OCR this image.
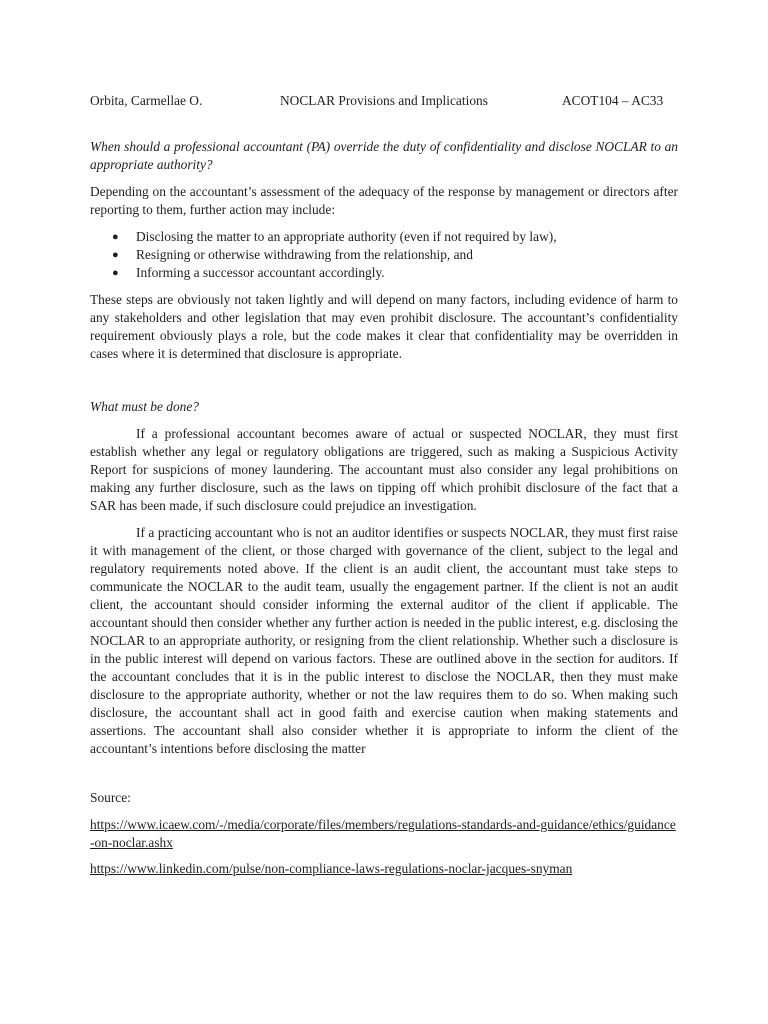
Orbita, Carmellae O.	NOCLAR Provisions and Implications	ACOT104 – AC33

When should a professional accountant (PA) override the duty of confidentiality and disclose NOCLAR to an appropriate authority?

Depending on the accountant’s assessment of the adequacy of the response by management or directors after reporting to them, further action may include:

● Disclosing the matter to an appropriate authority (even if not required by law),
● Resigning or otherwise withdrawing from the relationship, and
● Informing a successor accountant accordingly.

These steps are obviously not taken lightly and will depend on many factors, including evidence of harm to any stakeholders and other legislation that may even prohibit disclosure. The accountant’s confidentiality requirement obviously plays a role, but the code makes it clear that confidentiality may be overridden in cases where it is determined that disclosure is appropriate.

What must be done?

If a professional accountant becomes aware of actual or suspected NOCLAR, they must first establish whether any legal or regulatory obligations are triggered, such as making a Suspicious Activity Report for suspicions of money laundering. The accountant must also consider any legal prohibitions on making any further disclosure, such as the laws on tipping off which prohibit disclosure of the fact that a SAR has been made, if such disclosure could prejudice an investigation.

If a practicing accountant who is not an auditor identifies or suspects NOCLAR, they must first raise it with management of the client, or those charged with governance of the client, subject to the legal and regulatory requirements noted above. If the client is an audit client, the accountant must take steps to communicate the NOCLAR to the audit team, usually the engagement partner. If the client is not an audit client, the accountant should consider informing the external auditor of the client if applicable. The accountant should then consider whether any further action is needed in the public interest, e.g. disclosing the NOCLAR to an appropriate authority, or resigning from the client relationship. Whether such a disclosure is in the public interest will depend on various factors. These are outlined above in the section for auditors. If the accountant concludes that it is in the public interest to disclose the NOCLAR, then they must make disclosure to the appropriate authority, whether or not the law requires them to do so. When making such disclosure, the accountant shall act in good faith and exercise caution when making statements and assertions. The accountant shall also consider whether it is appropriate to inform the client of the accountant’s intentions before disclosing the matter

Source:

https://www.icaew.com/-/media/corporate/files/members/regulations-standards-and-guidance/ethics/guidance-on-noclar.ashx
https://www.linkedin.com/pulse/non-compliance-laws-regulations-noclar-jacques-snyman
